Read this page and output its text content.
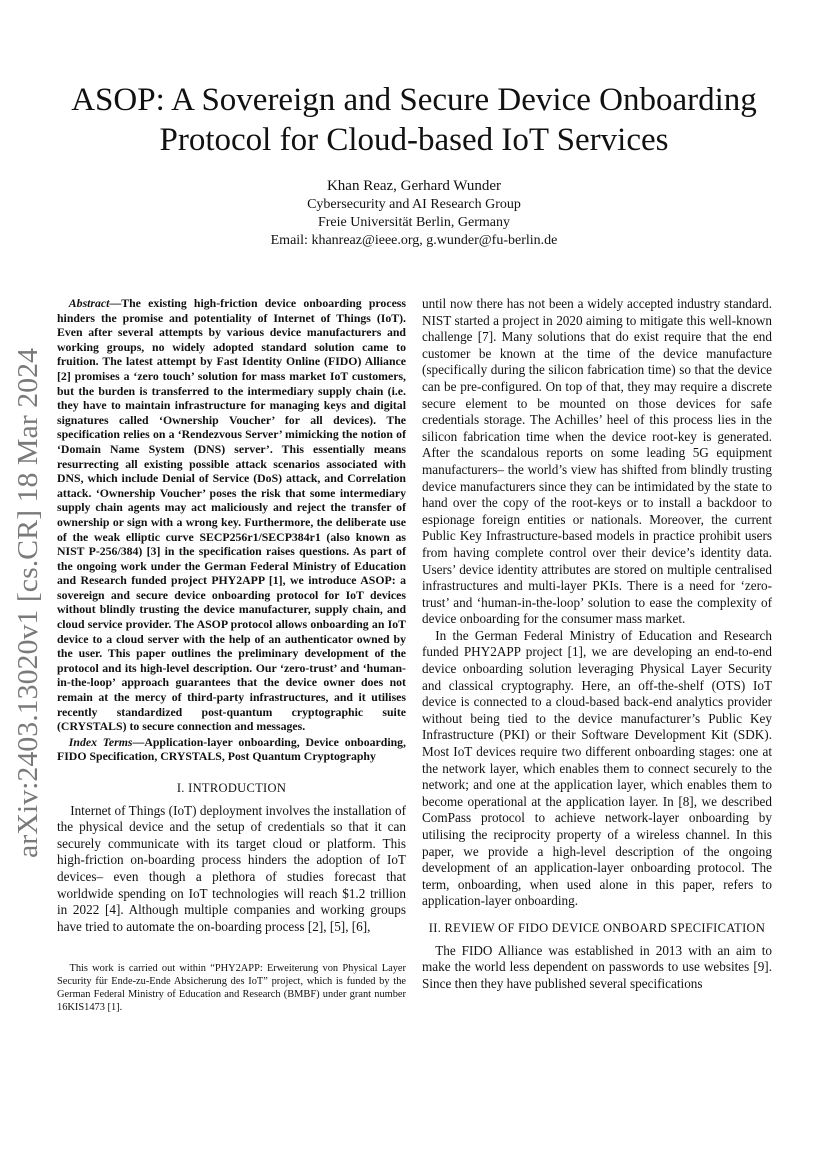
arXiv:2403.13020v1 [cs.CR] 18 Mar 2024
ASOP: A Sovereign and Secure Device Onboarding
Protocol for Cloud-based IoT Services
Khan Reaz, Gerhard Wunder
Cybersecurity and AI Research Group
Freie Universität Berlin, Germany
Email: khanreaz@ieee.org, g.wunder@fu-berlin.de

Abstract—The existing high-friction device onboarding process hinders the promise and potentiality of Internet of Things (IoT). Even after several attempts by various device manufacturers and working groups, no widely adopted standard solution came to fruition. The latest attempt by Fast Identity Online (FIDO) Alliance [2] promises a ‘zero touch’ solution for mass market IoT customers, but the burden is transferred to the intermediary supply chain (i.e. they have to maintain infrastructure for managing keys and digital signatures called ‘Ownership Voucher’ for all devices). The specification relies on a ‘Rendezvous Server’ mimicking the notion of ‘Domain Name System (DNS) server’. This essentially means resurrecting all existing possible attack scenarios associated with DNS, which include Denial of Service (DoS) attack, and Correlation attack. ‘Ownership Voucher’ poses the risk that some intermediary supply chain agents may act maliciously and reject the transfer of ownership or sign with a wrong key. Furthermore, the deliberate use of the weak elliptic curve SECP256r1/SECP384r1 (also known as NIST P-256/384) [3] in the specification raises questions. As part of the ongoing work under the German Federal Ministry of Education and Research funded project PHY2APP [1], we introduce ASOP: a sovereign and secure device onboarding protocol for IoT devices without blindly trusting the device manufacturer, supply chain, and cloud service provider. The ASOP protocol allows onboarding an IoT device to a cloud server with the help of an authenticator owned by the user. This paper outlines the preliminary development of the protocol and its high-level description. Our ‘zero-trust’ and ‘human-in-the-loop’ approach guarantees that the device owner does not remain at the mercy of third-party infrastructures, and it utilises recently standardized post-quantum cryptographic suite (CRYSTALS) to secure connection and messages.

Index Terms—Application-layer onboarding, Device onboarding, FIDO Specification, CRYSTALS, Post Quantum Cryptography

I. INTRODUCTION

Internet of Things (IoT) deployment involves the installation of the physical device and the setup of credentials so that it can securely communicate with its target cloud or platform. This high-friction on-boarding process hinders the adoption of IoT devices– even though a plethora of studies forecast that worldwide spending on IoT technologies will reach $1.2 trillion in 2022 [4]. Although multiple companies and working groups have tried to automate the on-boarding process [2], [5], [6],

This work is carried out within “PHY2APP: Erweiterung von Physical Layer Security für Ende-zu-Ende Absicherung des IoT” project, which is funded by the German Federal Ministry of Education and Research (BMBF) under grant number 16KIS1473 [1].

until now there has not been a widely accepted industry standard. NIST started a project in 2020 aiming to mitigate this well-known challenge [7]. Many solutions that do exist require that the end customer be known at the time of the device manufacture (specifically during the silicon fabrication time) so that the device can be pre-configured. On top of that, they may require a discrete secure element to be mounted on those devices for safe credentials storage. The Achilles’ heel of this process lies in the silicon fabrication time when the device root-key is generated. After the scandalous reports on some leading 5G equipment manufacturers– the world’s view has shifted from blindly trusting device manufacturers since they can be intimidated by the state to hand over the copy of the root-keys or to install a backdoor to espionage foreign entities or nationals. Moreover, the current Public Key Infrastructure-based models in practice prohibit users from having complete control over their device’s identity data. Users’ device identity attributes are stored on multiple centralised infrastructures and multi-layer PKIs. There is a need for ‘zero-trust’ and ‘human-in-the-loop’ solution to ease the complexity of device onboarding for the consumer mass market.

In the German Federal Ministry of Education and Research funded PHY2APP project [1], we are developing an end-to-end device onboarding solution leveraging Physical Layer Security and classical cryptography. Here, an off-the-shelf (OTS) IoT device is connected to a cloud-based back-end analytics provider without being tied to the device manufacturer’s Public Key Infrastructure (PKI) or their Software Development Kit (SDK). Most IoT devices require two different onboarding stages: one at the network layer, which enables them to connect securely to the network; and one at the application layer, which enables them to become operational at the application layer. In [8], we described ComPass protocol to achieve network-layer onboarding by utilising the reciprocity property of a wireless channel. In this paper, we provide a high-level description of the ongoing development of an application-layer onboarding protocol. The term, onboarding, when used alone in this paper, refers to application-layer onboarding.

II. REVIEW OF FIDO DEVICE ONBOARD SPECIFICATION

The FIDO Alliance was established in 2013 with an aim to make the world less dependent on passwords to use websites [9]. Since then they have published several specifications
